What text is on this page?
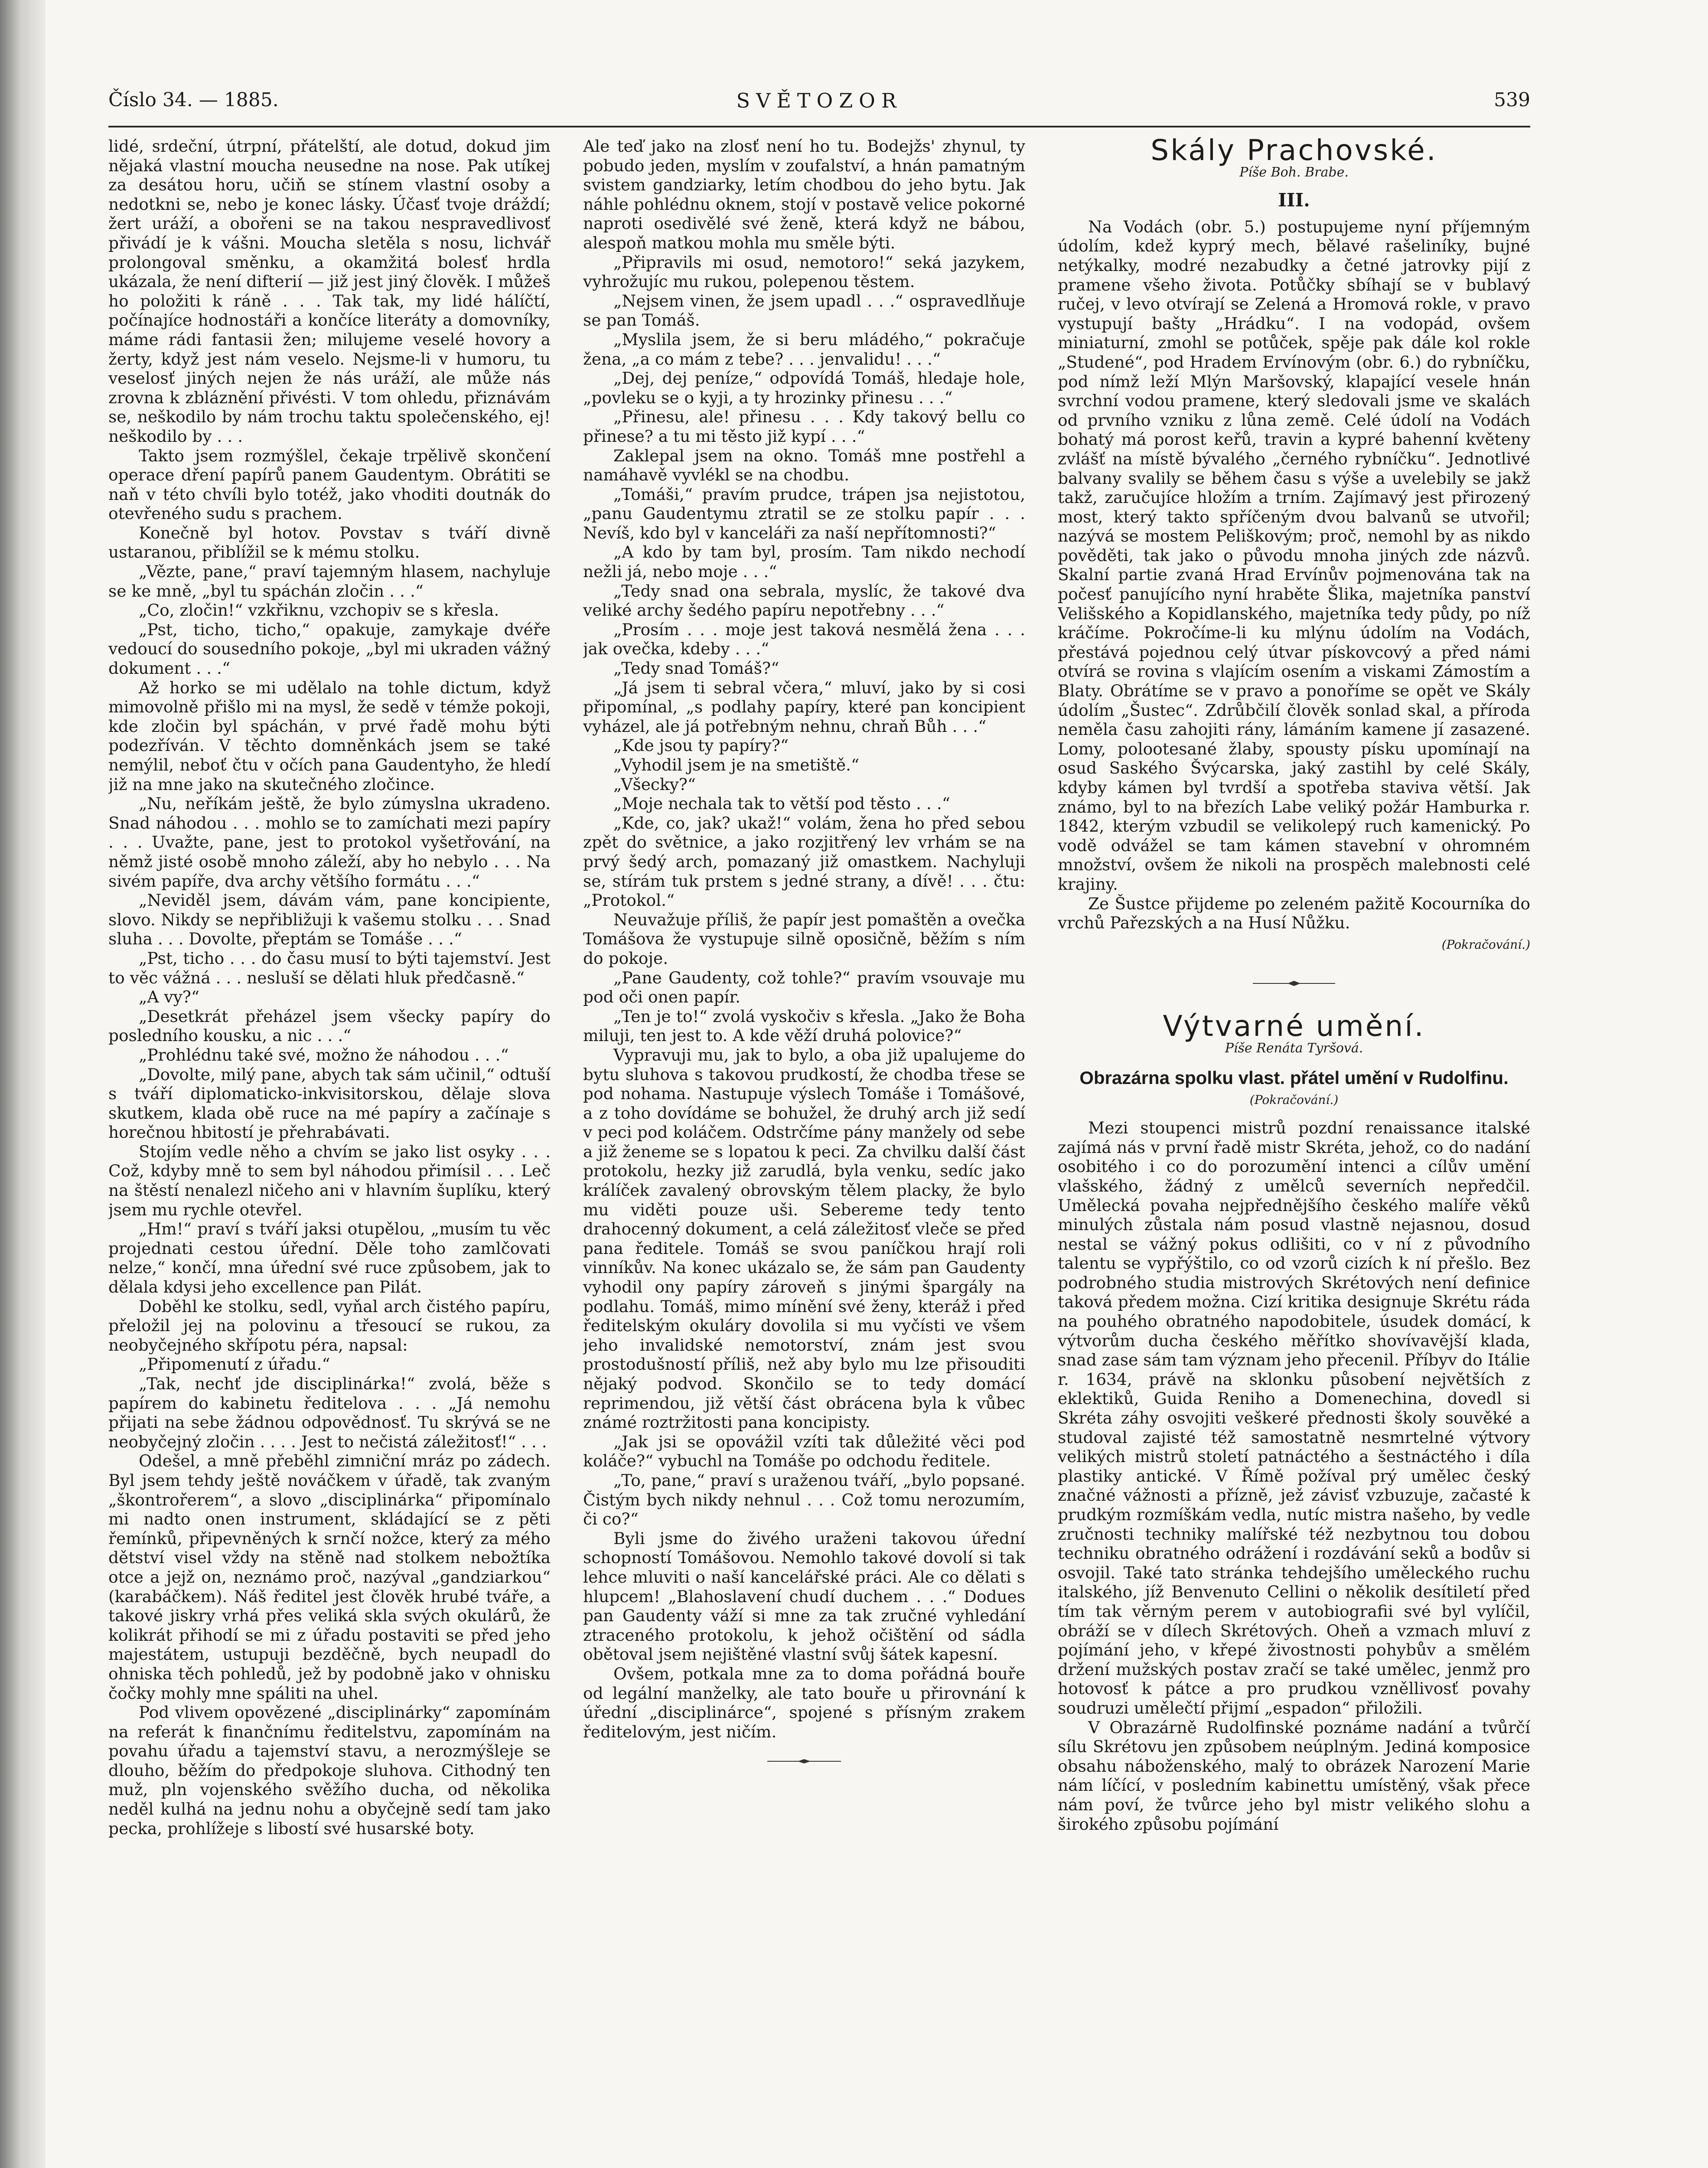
Číslo 34. — 1885.	SVĚTOZOR	539

lidé, srdeční, útrpní, přátelští, ale dotud, dokud jim nějaká vlastní moucha neusedne na nose. Pak utíkej za desátou horu, učiň se stínem vlastní osoby a nedotkni se, nebo je konec lásky. Účasť tvoje dráždí; žert uráží, a obořeni se na takou nespravedlivosť přivádí je k vášni. Moucha sletěla s nosu, lichvář prolongoval směnku, a okamžitá bolesť hrdla ukázala, že není difterií — již jest jiný člověk. I můžeš ho položiti k ráně . . . Tak tak, my lidé hálíčtí, počínajíce hodnostáři a končíce literáty a domovníky, máme rádi fantasii žen; milujeme veselé hovory a žerty, když jest nám veselo. Nejsme-li v humoru, tu veselosť jiných nejen že nás uráží, ale může nás zrovna k zbláznění přivésti. V tom ohledu, přiznávám se, neškodilo by nám trochu taktu společenského, ej! neškodilo by . . .

Takto jsem rozmýšlel, čekaje trpělivě skončení operace dření papírů panem Gaudentym. Obrátiti se naň v této chvíli bylo totéž, jako vhoditi doutnák do otevřeného sudu s prachem.

Konečně byl hotov. Povstav s tváří divně ustaranou, přiblížil se k mému stolku.

„Vězte, pane,“ praví tajemným hlasem, nachyluje se ke mně, „byl tu spáchán zločin . . .“

„Co, zločin!“ vzkřiknu, vzchopiv se s křesla.

„Pst, ticho, ticho,“ opakuje, zamykaje dvéře vedoucí do sousedního pokoje, „byl mi ukraden vážný dokument . . .“

Až horko se mi udělalo na tohle dictum, když mimovolně přišlo mi na mysl, že sedě v témže pokoji, kde zločin byl spáchán, v prvé řadě mohu býti podezříván. V těchto domněnkách jsem se také nemýlil, neboť čtu v očích pana Gaudentyho, že hledí již na mne jako na skutečného zločince.

„Nu, neříkám ještě, že bylo zúmyslna ukradeno. Snad náhodou . . . mohlo se to zamíchati mezi papíry . . . Uvažte, pane, jest to protokol vyšetřování, na němž jisté osobě mnoho záleží, aby ho nebylo . . . Na sivém papíře, dva archy většího formátu . . .“

„Neviděl jsem, dávám vám, pane koncipiente, slovo. Nikdy se nepřibližuji k vašemu stolku . . . Snad sluha . . . Dovolte, přeptám se Tomáše . . .“

„Pst, ticho . . . do času musí to býti tajemství. Jest to věc vážná . . . nesluší se dělati hluk předčasně.“

„A vy?“

„Desetkrát přeházel jsem všecky papíry do posledního kousku, a nic . . .“

„Prohlédnu také své, možno že náhodou . . .“

„Dovolte, milý pane, abych tak sám učinil,“ odtuší s tváří diplomaticko-inkvisitorskou, dělaje slova skutkem, klada obě ruce na mé papíry a začínaje s horečnou hbitostí je přehrabávati.

Stojím vedle něho a chvím se jako list osyky . . . Což, kdyby mně to sem byl náhodou přimísil . . . Leč na štěstí nenalezl ničeho ani v hlavním šuplíku, který jsem mu rychle otevřel.

„Hm!“ praví s tváří jaksi otupělou, „musím tu věc projednati cestou úřední. Děle toho zamlčovati nelze,“ končí, mna úřední své ruce způsobem, jak to dělala kdysi jeho excellence pan Pilát.

Doběhl ke stolku, sedl, vyňal arch čistého papíru, přeložil jej na polovinu a třesoucí se rukou, za neobyčejného skřípotu péra, napsal:

„Připomenutí z úřadu.“

„Tak, nechť jde disciplinárka!“ zvolá, běže s papírem do kabinetu ředitelova . . . „Já nemohu přijati na sebe žádnou odpovědnosť. Tu skrývá se ne neobyčejný zločin . . . . Jest to nečistá záležitosť!“ . . .

Odešel, a mně přeběhl zimniční mráz po zádech. Byl jsem tehdy ještě nováčkem v úřadě, tak zvaným „škontrořerem“, a slovo „disciplinárka“ připomínalo mi nadto onen instrument, skládající se z pěti řemínků, připevněných k srnčí nožce, který za mého dětství visel vždy na stěně nad stolkem nebožtíka otce a jejž on, neznámo proč, nazýval „gandziarkou“ (karabáčkem). Náš ředitel jest člověk hrubé tváře, a takové jiskry vrhá přes veliká skla svých okulárů, že kolikrát přihodí se mi z úřadu postaviti se před jeho majestátem, ustupuji bezděčně, bych neupadl do ohniska těch pohledů, jež by podobně jako v ohnisku čočky mohly mne spáliti na uhel.

Pod vlivem opovězené „disciplinárky“ zapomínám na referát k finančnímu ředitelstvu, zapomínám na povahu úřadu a tajemství stavu, a nerozmýšleje se dlouho, běžím do předpokoje sluhova. Cithodný ten muž, pln vojenského svěžího ducha, od několika neděl kulhá na jednu nohu a obyčejně sedí tam jako pecka, prohlížeje s libostí své husarské boty.

Ale teď jako na zlosť není ho tu. Bodejžs' zhynul, ty pobudo jeden, myslím v zoufalství, a hnán pamatným svistem gandziarky, letím chodbou do jeho bytu. Jak náhle pohlédnu oknem, stojí v postavě velice pokorné naproti osedivělé své ženě, která když ne bábou, alespoň matkou mohla mu směle býti.

„Připravils mi osud, nemotoro!“ seká jazykem, vyhrožujíc mu rukou, polepenou těstem.

„Nejsem vinen, že jsem upadl . . .“ ospravedlňuje se pan Tomáš.

„Myslila jsem, že si beru mládého,“ pokračuje žena, „a co mám z tebe? . . . jenvalidu! . . .“

„Dej, dej peníze,“ odpovídá Tomáš, hledaje hole, „povleku se o kyji, a ty hrozinky přinesu . . .“

„Přinesu, ale! přinesu . . . Kdy takový bellu co přinese? a tu mi těsto již kypí . . .“

Zaklepal jsem na okno. Tomáš mne postřehl a namáhavě vyvlékl se na chodbu.

„Tomáši,“ pravím prudce, trápen jsa nejistotou, „panu Gaudentymu ztratil se ze stolku papír . . . Nevíš, kdo byl v kanceláři za naší nepřítomnosti?“

„A kdo by tam byl, prosím. Tam nikdo nechodí nežli já, nebo moje . . .“

„Tedy snad ona sebrala, myslíc, že takové dva veliké archy šedého papíru nepotřebny . . .“

„Prosím . . . moje jest taková nesmělá žena . . . jak ovečka, kdeby . . .“

„Tedy snad Tomáš?“

„Já jsem ti sebral včera,“ mluví, jako by si cosi připomínal, „s podlahy papíry, které pan koncipient vyházel, ale já potřebným nehnu, chraň Bůh . . .“

„Kde jsou ty papíry?“

„Vyhodil jsem je na smetiště.“

„Všecky?“

„Moje nechala tak to větší pod těsto . . .“

„Kde, co, jak? ukaž!“ volám, žena ho před sebou zpět do světnice, a jako rozjitřený lev vrhám se na prvý šedý arch, pomazaný již omastkem. Nachyluji se, stírám tuk prstem s jedné strany, a dívě! . . . čtu: „Protokol.“

Neuvažuje příliš, že papír jest pomaštěn a ovečka Tomášova že vystupuje silně oposičně, běžím s ním do pokoje.

„Pane Gaudenty, což tohle?“ pravím vsouvaje mu pod oči onen papír.

„Ten je to!“ zvolá vyskočiv s křesla. „Jako že Boha miluji, ten jest to. A kde věží druhá polovice?“

Vypravuji mu, jak to bylo, a oba již upalujeme do bytu sluhova s takovou prudkostí, že chodba třese se pod nohama. Nastupuje výslech Tomáše i Tomášové, a z toho dovídáme se bohužel, že druhý arch již sedí v peci pod koláčem. Odstrčíme pány manžely od sebe a již ženeme se s lopatou k peci. Za chvilku další část protokolu, hezky již zarudlá, byla venku, sedíc jako králíček zavalený obrovským tělem placky, že bylo mu viděti pouze uši. Sebereme tedy tento drahocenný dokument, a celá záležitosť vleče se před pana ředitele. Tomáš se svou paníčkou hrají roli vinníkův. Na konec ukázalo se, že sám pan Gaudenty vyhodil ony papíry zároveň s jinými špargály na podlahu. Tomáš, mimo mínění své ženy, kteráž i před ředitelským okuláry dovolila si mu vyčísti ve všem jeho invalidské nemotorství, znám jest svou prostodušností příliš, než aby bylo mu lze přisouditi nějaký podvod. Skončilo se to tedy domácí reprimendou, již větší část obrácena byla k vůbec známé roztržitosti pana koncipisty.

„Jak jsi se opovážil vzíti tak důležité věci pod koláče?“ vybuchl na Tomáše po odchodu ředitele.

„To, pane,“ praví s uraženou tváří, „bylo popsané. Čistým bych nikdy nehnul . . . Což tomu nerozumím, či co?“

Byli jsme do živého uraženi takovou úřední schopností Tomášovou. Nemohlo takové dovolí si tak lehce mluviti o naší kancelářské práci. Ale co dělati s hlupcem! „Blahoslavení chudí duchem . . .“ Dodues pan Gaudenty váží si mne za tak zručné vyhledání ztraceného protokolu, k jehož očištění od sádla obětoval jsem nejištěné vlastní svůj šátek kapesní.

Ovšem, potkala mne za to doma pořádná bouře od legální manželky, ale tato bouře u přirovnání k úřední „disciplinárce“, spojené s přísným zrakem ředitelovým, jest ničím.

Skály Prachovské.
Píše Boh. Brabe.
III.

Na Vodách (obr. 5.) postupujeme nyní příjemným údolím, kdež kyprý mech, bělavé rašeliníky, bujné netýkalky, modré nezabudky a četné jatrovky pijí z pramene všeho života. Potůčky sbíhají se v bublavý ručej, v levo otvírají se Zelená a Hromová rokle, v pravo vystupují bašty „Hrádku“. I na vodopád, ovšem miniaturní, zmohl se potůček, spěje pak dále kol rokle „Studené“, pod Hradem Ervínovým (obr. 6.) do rybníčku, pod nímž leží Mlýn Maršovský, klapající vesele hnán svrchní vodou pramene, který sledovali jsme ve skalách od prvního vzniku z lůna země. Celé údolí na Vodách bohatý má porost keřů, travin a kypré bahenní květeny zvlášť na místě bývalého „černého rybníčku“. Jednotlivé balvany svalily se během času s výše a uvelebily se jakž takž, zaručujíce hložím a trním. Zajímavý jest přirozený most, který takto spříčeným dvou balvanů se utvořil; nazývá se mostem Peliškovým; proč, nemohl by as nikdo pověděti, tak jako o původu mnoha jiných zde názvů. Skalní partie zvaná Hrad Ervínův pojmenována tak na počesť panujícího nyní hraběte Šlika, majetníka panství Velišského a Kopidlanského, majetníka tedy půdy, po níž kráčíme. Pokročíme-li ku mlýnu údolím na Vodách, přestává pojednou celý útvar pískovcový a před námi otvírá se rovina s vlajícím osením a viskami Zámostím a Blaty. Obrátíme se v pravo a ponoříme se opět ve Skály údolím „Šustec“. Zdrůbčilí člověk sonlad skal, a příroda neměla času zahojiti rány, lámáním kamene jí zasazené. Lomy, polootesané žlaby, spousty písku upomínají na osud Saského Švýcarska, jaký zastihl by celé Skály, kdyby kámen byl tvrdší a spotřeba staviva větší. Jak známo, byl to na březích Labe veliký požár Hamburka r. 1842, kterým vzbudil se velikolepý ruch kamenický. Po vodě odvážel se tam kámen stavební v ohromném množství, ovšem že nikoli na prospěch malebnosti celé krajiny.

Ze Šustce přijdeme po zeleném pažitě Kocourníka do vrchů Pařezských a na Husí Nůžku.

(Pokračování.)
Výtvarné umění.
Píše Renáta Tyršová.
Obrazárna spolku vlast. přátel umění v Rudolfinu.
(Pokračování.)

Mezi stoupenci mistrů pozdní renaissance italské zajímá nás v první řadě mistr Skréta, jehož, co do nadání osobitého i co do porozumění intenci a cílův umění vlašského, žádný z umělců severních nepředčil. Umělecká povaha nejpřednějšího českého malíře věků minulých zůstala nám posud vlastně nejasnou, dosud nestal se vážný pokus odlišiti, co v ní z původního talentu se vypřýštilo, co od vzorů cizích k ní přešlo. Bez podrobného studia mistrových Skrétových není definice taková předem možna. Cizí kritika designuje Skrétu ráda na pouhého obratného napodobitele, úsudek domácí, k výtvorům ducha českého měřítko shovívavější klada, snad zase sám tam význam jeho přecenil. Příbyv do Itálie r. 1634, právě na sklonku působení největších z eklektiků, Guida Reniho a Domenechina, dovedl si Skréta záhy osvojiti veškeré přednosti školy souvěké a studoval zajisté též samostatně nesmrtelné výtvory velikých mistrů století patnáctého a šestnáctého i díla plastiky antické. V Římě požíval prý umělec český značné vážnosti a přízně, jež závisť vzbuzuje, začasté k prudkým rozmíškám vedla, nutíc mistra našeho, by vedle zručnosti techniky malířské též nezbytnou tou dobou techniku obratného odrážení i rozdávání seků a bodův si osvojil. Také tato stránka tehdejšího uměleckého ruchu italského, jíž Benvenuto Cellini o několik desítiletí před tím tak věrným perem v autobiografii své byl vylíčil, obráží se v dílech Skrétových. Oheň a vzmach mluví z pojímání jeho, v křepé živostnosti pohybův a smělém držení mužských postav zračí se také umělec, jenmž pro hotovosť k pátce a pro prudkou vzněllivosť povahy soudruzi umělečtí přijmí „espadon“ přiložili.

V Obrazárně Rudolfinské poznáme nadání a tvůrčí sílu Skrétovu jen způsobem neúplným. Jediná komposice obsahu náboženského, malý to obrázek Narození Marie nám líčící, v posledním kabinettu umístěný, však přece nám poví, že tvůrce jeho byl mistr velikého slohu a širokého způsobu pojímání
